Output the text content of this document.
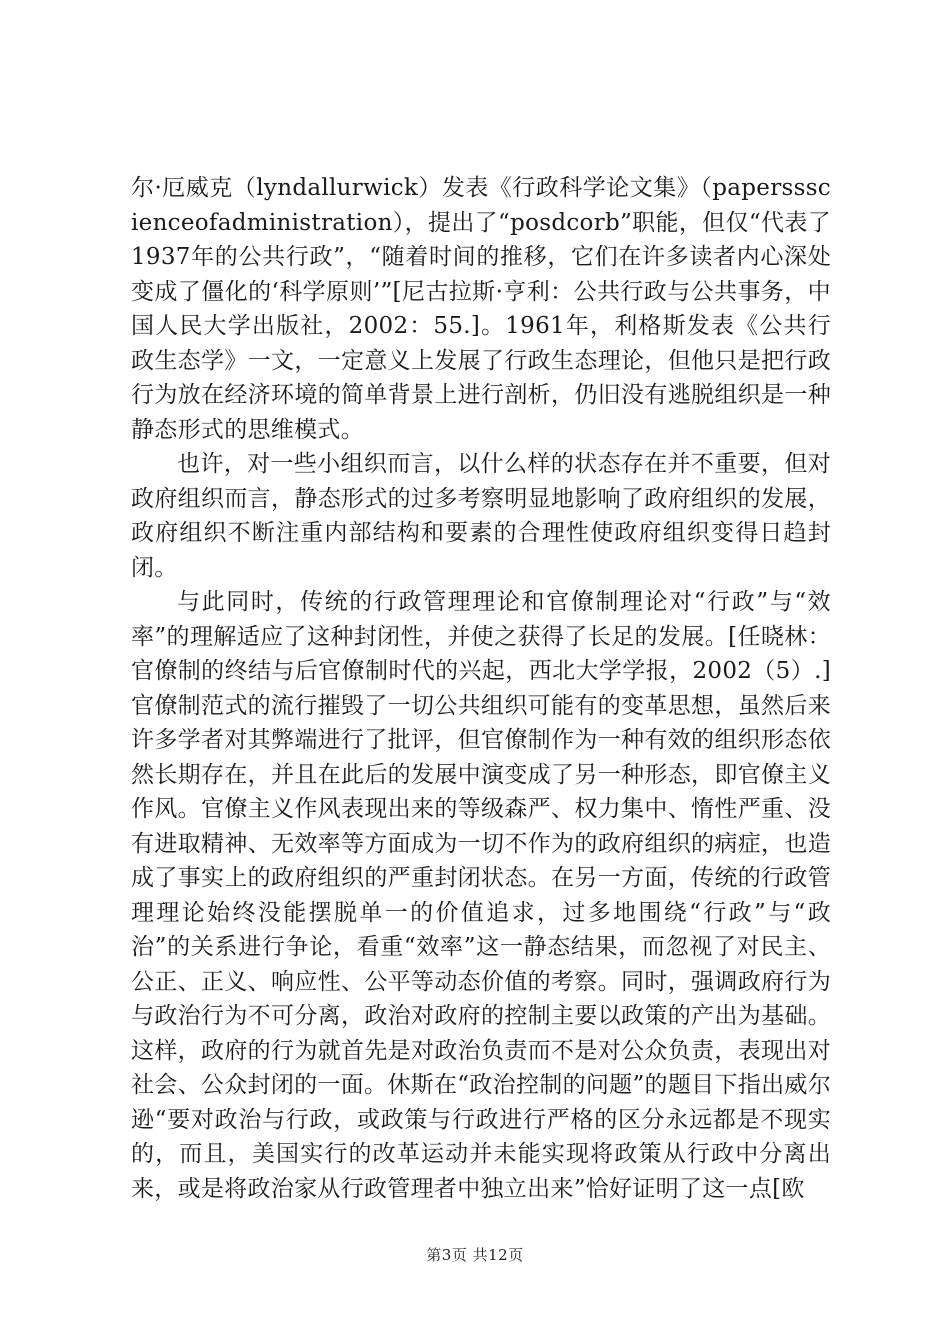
尔·厄威克（lyndallurwick）发表《行政科学论文集》（paperssscienceofadministration），提出了“posdcorb”职能，但仅“代表了1937年的公共行政”，“随着时间的推移，它们在许多读者内心深处变成了僵化的‘科学原则’”[尼古拉斯·亨利：公共行政与公共事务，中国人民大学出版社，2002：55.]。1961年，利格斯发表《公共行政生态学》一文，一定意义上发展了行政生态理论，但他只是把行政行为放在经济环境的简单背景上进行剖析，仍旧没有逃脱组织是一种静态形式的思维模式。

也许，对一些小组织而言，以什么样的状态存在并不重要，但对政府组织而言，静态形式的过多考察明显地影响了政府组织的发展，政府组织不断注重内部结构和要素的合理性使政府组织变得日趋封闭。

与此同时，传统的行政管理理论和官僚制理论对“行政”与“效率”的理解适应了这种封闭性，并使之获得了长足的发展。[任晓林：官僚制的终结与后官僚制时代的兴起，西北大学学报，2002（5）.]官僚制范式的流行摧毁了一切公共组织可能有的变革思想，虽然后来许多学者对其弊端进行了批评，但官僚制作为一种有效的组织形态依然长期存在，并且在此后的发展中演变成了另一种形态，即官僚主义作风。官僚主义作风表现出来的等级森严、权力集中、惰性严重、没有进取精神、无效率等方面成为一切不作为的政府组织的病症，也造成了事实上的政府组织的严重封闭状态。在另一方面，传统的行政管理理论始终没能摆脱单一的价值追求，过多地围绕“行政”与“政治”的关系进行争论，看重“效率”这一静态结果，而忽视了对民主、公正、正义、响应性、公平等动态价值的考察。同时，强调政府行为与政治行为不可分离，政治对政府的控制主要以政策的产出为基础。这样，政府的行为就首先是对政治负责而不是对公众负责，表现出对社会、公众封闭的一面。休斯在“政治控制的问题”的题目下指出威尔逊“要对政治与行政，或政策与行政进行严格的区分永远都是不现实的，而且，美国实行的改革运动并未能实现将政策从行政中分离出来，或是将政治家从行政管理者中独立出来”恰好证明了这一点[欧

第3页 共12页
